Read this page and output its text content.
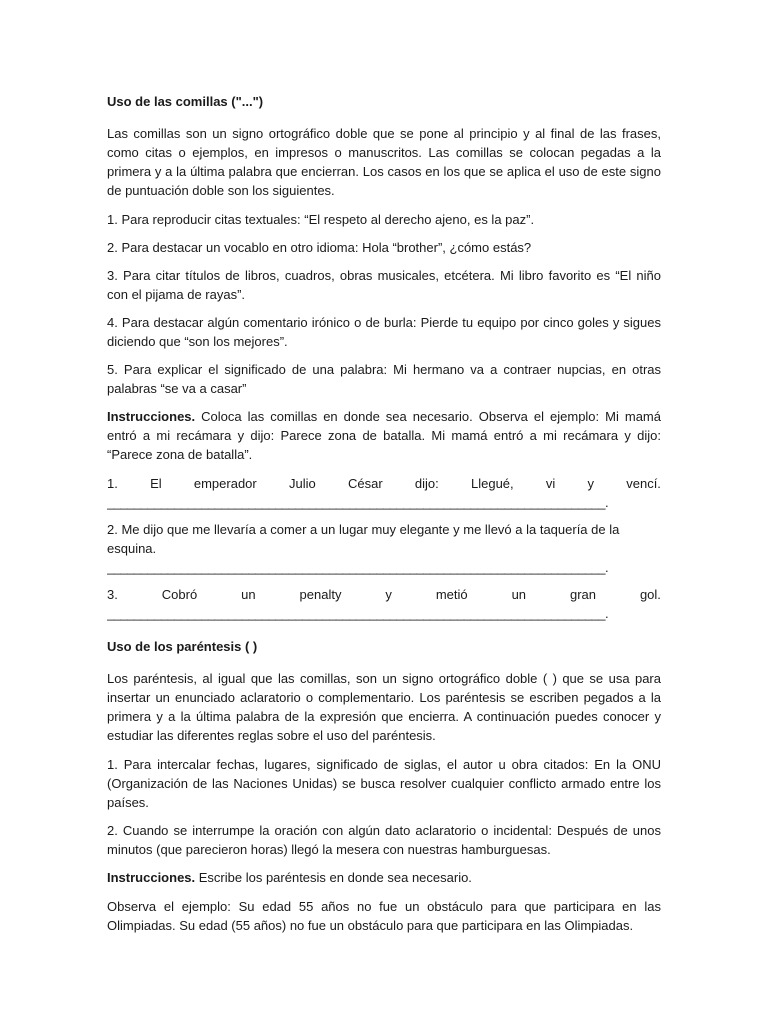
Uso de las comillas ("...")

Las comillas son un signo ortográfico doble que se pone al principio y al final de las frases, como citas o ejemplos, en impresos o manuscritos. Las comillas se colocan pegadas a la primera y a la última palabra que encierran. Los casos en los que se aplica el uso de este signo de puntuación doble son los siguientes.

1. Para reproducir citas textuales: “El respeto al derecho ajeno, es la paz”.

2. Para destacar un vocablo en otro idioma: Hola “brother”, ¿cómo estás?

3. Para citar títulos de libros, cuadros, obras musicales, etcétera. Mi libro favorito es “El niño con el pijama de rayas”.

4. Para destacar algún comentario irónico o de burla: Pierde tu equipo por cinco goles y sigues diciendo que “son los mejores”.

5. Para explicar el significado de una palabra: Mi hermano va a contraer nupcias, en otras palabras “se va a casar”

Instrucciones. Coloca las comillas en donde sea necesario. Observa el ejemplo: Mi mamá entró a mi recámara y dijo: Parece zona de batalla. Mi mamá entró a mi recámara y dijo: “Parece zona de batalla”.

1. El emperador Julio César dijo: Llegué, vi y vencí.
__________________________________________________________________________.
2. Me dijo que me llevaría a comer a un lugar muy elegante y me llevó a la taquería de la esquina.
__________________________________________________________________________.
3.	Cobró	un	penalty	y	metió	un	gran	gol.
__________________________________________________________________________.
Uso de los paréntesis ( )

Los paréntesis, al igual que las comillas, son un signo ortográfico doble ( ) que se usa para insertar un enunciado aclaratorio o complementario. Los paréntesis se escriben pegados a la primera y a la última palabra de la expresión que encierra. A continuación puedes conocer y estudiar las diferentes reglas sobre el uso del paréntesis.

1. Para intercalar fechas, lugares, significado de siglas, el autor u obra citados: En la ONU (Organización de las Naciones Unidas) se busca resolver cualquier conflicto armado entre los países.

2. Cuando se interrumpe la oración con algún dato aclaratorio o incidental: Después de unos minutos (que parecieron horas) llegó la mesera con nuestras hamburguesas.

Instrucciones. Escribe los paréntesis en donde sea necesario.

Observa el ejemplo: Su edad 55 años no fue un obstáculo para que participara en las Olimpiadas. Su edad (55 años) no fue un obstáculo para que participara en las Olimpiadas.
